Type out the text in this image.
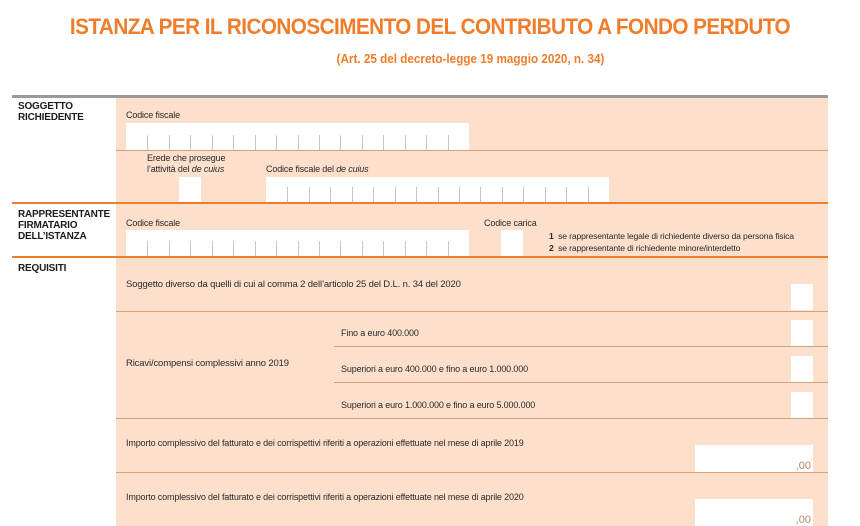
ISTANZA PER IL RICONOSCIMENTO DEL CONTRIBUTO A FONDO PERDUTO
(Art. 25 del decreto-legge 19 maggio 2020, n. 34)
SOGGETTO
RICHIEDENTE	Codice fiscale
Erede che prosegue
l’attività del de cuius	Codice fiscale del de cuius
RAPPRESENTANTE
FIRMATARIO
DELL’ISTANZA
Codice fiscale	Codice carica
1 se rappresentante legale di richiedente diverso da persona fisica
2 se rappresentante di richiedente minore/interdetto
REQUISITI
Soggetto diverso da quelli di cui al comma 2 dell’articolo 25 del D.L. n. 34 del 2020
Ricavi/compensi complessivi anno 2019
Fino a euro 400.000
Superiori a euro 400.000 e fino a euro 1.000.000
Superiori a euro 1.000.000 e fino a euro 5.000.000
Importo complessivo del fatturato e dei corrispettivi riferiti a operazioni effettuate nel mese di aprile 2019
,00
Importo complessivo del fatturato e dei corrispettivi riferiti a operazioni effettuate nel mese di aprile 2020
,00
